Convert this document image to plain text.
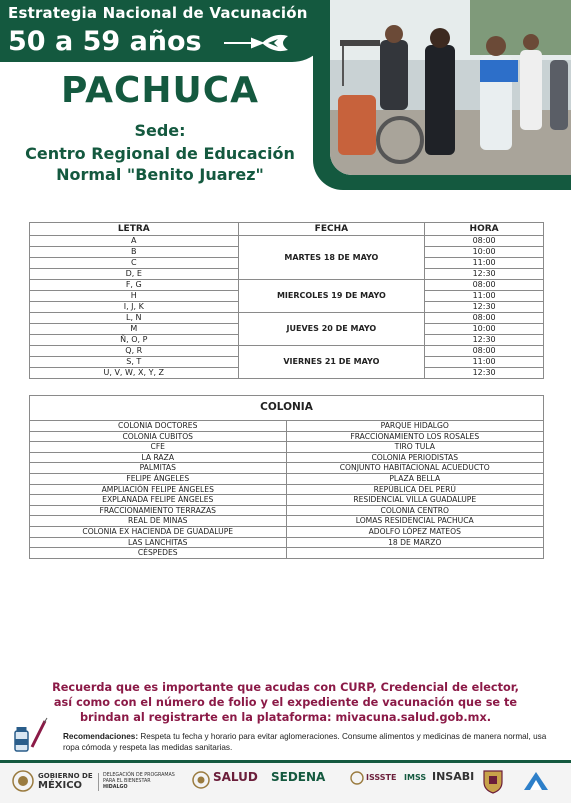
Estrategia Nacional de Vacunación
50 a 59 años
PACHUCA
Sede:
Centro Regional de Educación
Normal "Benito Juarez"
LETRA	FECHA	HORA
A	MARTES 18 DE MAYO	08:00
B		10:00
C		11:00
D, E		12:30
F, G	MIERCOLES 19 DE MAYO	08:00
H		11:00
I, J, K		12:30
L, N	JUEVES 20 DE MAYO	08:00
M		10:00
Ñ, O, P		12:30
Q, R	VIERNES 21 DE MAYO	08:00
S, T		11:00
U, V, W, X, Y, Z		12:30
COLONIA	
COLONIA DOCTORES	PARQUE HIDALGO
COLONIA CUBITOS	FRACCIONAMIENTO LOS ROSALES
CFE	TIRO TULA
LA RAZA	COLONIA PERIODISTAS
PALMITAS	CONJUNTO HABITACIONAL ACUEDUCTO
FELIPE ÁNGELES	PLAZA BELLA
AMPLIACIÓN FELIPE ÁNGELES	REPÚBLICA DEL PERÚ
EXPLANADA FELIPE ÁNGELES	RESIDENCIAL VILLA GUADALUPE
FRACCIONAMIENTO TERRAZAS	COLONIA CENTRO
REAL DE MINAS	LOMAS RESIDENCIAL PACHUCA
COLONIA EX HACIENDA DE GUADALUPE	ADOLFO LÓPEZ MATEOS
LAS LANCHITAS	18 DE MARZO
CÉSPEDES	
Recuerda que es importante que acudas con CURP, Credencial de elector,
así como con el número de folio y el expediente de vacunación que se te
brindan al registrarte en la plataforma: mivacuna.salud.gob.mx.
Recomendaciones: Respeta tu fecha y horario para evitar aglomeraciones. Consume alimentos y medicinas de manera normal, usa ropa cómoda y respeta las medidas sanitarias.
GOBIERNO DE
MÉXICO
DELEGACIÓN DE PROGRAMAS PARA EL BIENESTAR
HIDALGO
SALUD SEDENA	ISSSTE IMSS INSABI
